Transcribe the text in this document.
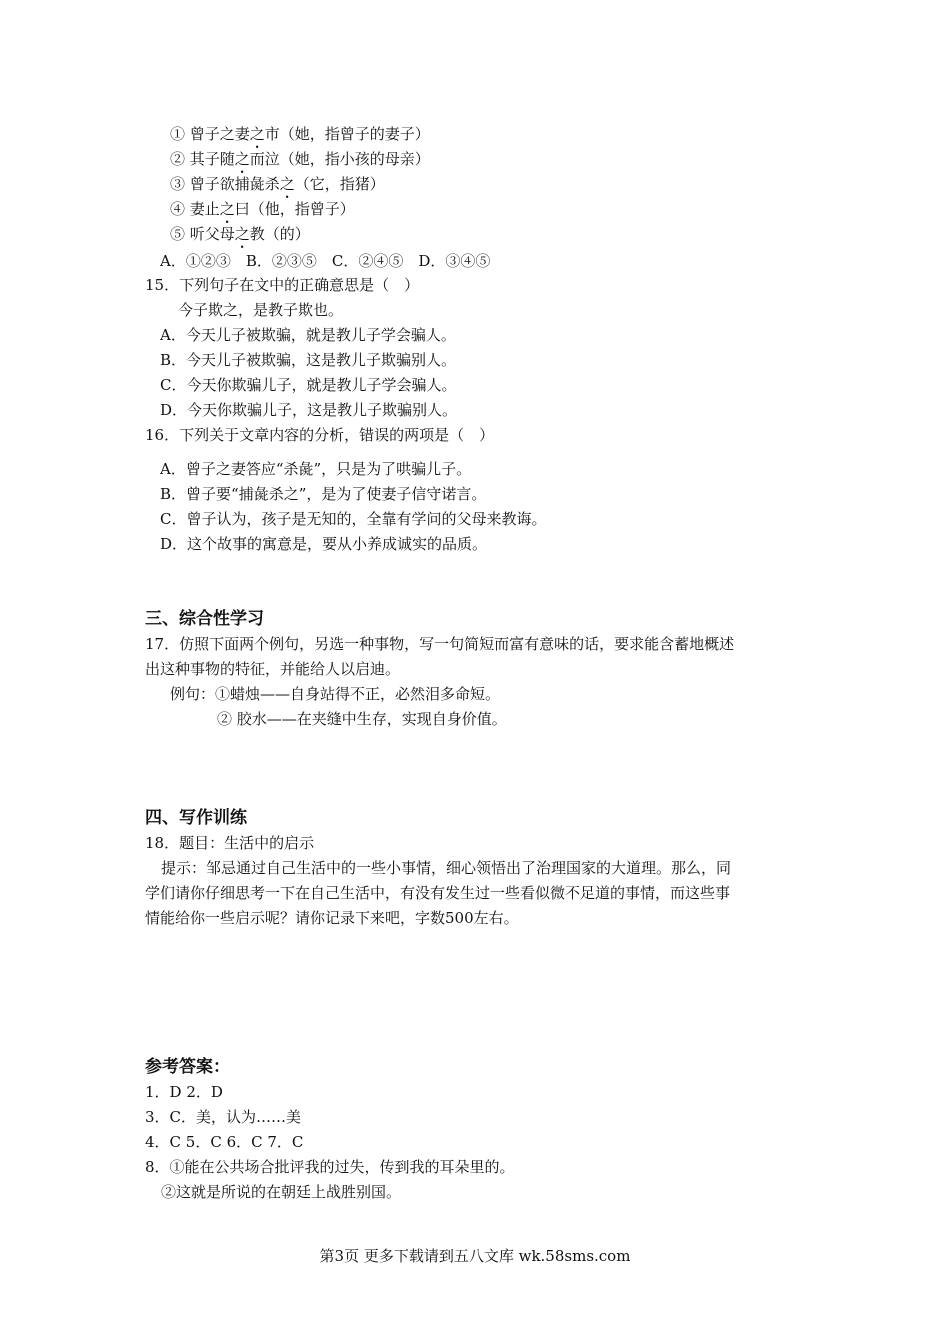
① 曾子之妻之市（她，指曾子的妻子）
② 其子随之而泣（她，指小孩的母亲）
③ 曾子欲捕彘杀之（它，指猪）
④ 妻止之曰（他，指曾子）
⑤ 听父母之教（的）
A．①②③　B．②③⑤　C．②④⑤　D．③④⑤
15．下列句子在文中的正确意思是（　）
今子欺之，是教子欺也。
A．今天儿子被欺骗，就是教儿子学会骗人。
B．今天儿子被欺骗，这是教儿子欺骗别人。
C．今天你欺骗儿子，就是教儿子学会骗人。
D．今天你欺骗儿子，这是教儿子欺骗别人。
16．下列关于文章内容的分析，错误的两项是（　）
A．曾子之妻答应“杀彘”，只是为了哄骗儿子。
B．曾子要“捕彘杀之”，是为了使妻子信守诺言。
C．曾子认为，孩子是无知的，全靠有学问的父母来教诲。
D．这个故事的寓意是，要从小养成诚实的品质。
三、综合性学习
17．仿照下面两个例句，另选一种事物，写一句简短而富有意味的话，要求能含蓄地概述
出这种事物的特征，并能给人以启迪。
例句：①蜡烛——自身站得不正，必然泪多命短。
② 胶水——在夹缝中生存，实现自身价值。
四、写作训练
18．题目：生活中的启示
提示：邹忌通过自己生活中的一些小事情，细心领悟出了治理国家的大道理。那么，同
学们请你仔细思考一下在自己生活中，有没有发生过一些看似微不足道的事情，而这些事
情能给你一些启示呢？请你记录下来吧，字数500左右。
参考答案：
1．D 2．D
3．C．美，认为……美
4．C 5．C 6．C 7．C
8．①能在公共场合批评我的过失，传到我的耳朵里的。
②这就是所说的在朝廷上战胜别国。
第3页 更多下载请到五八文库 wk.58sms.com
